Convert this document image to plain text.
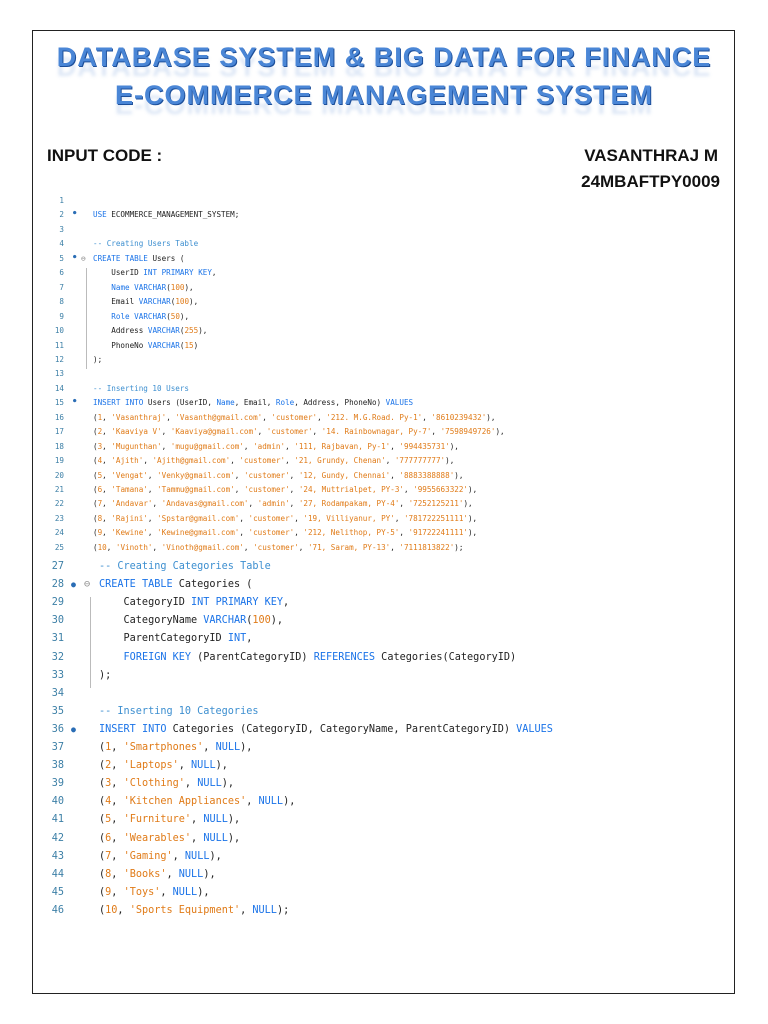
DATABASE SYSTEM & BIG DATA FOR FINANCE
E-COMMERCE MANAGEMENT SYSTEM
INPUT CODE :	VASANTHRAJ M
24MBAFTPY0009
1
2 ● USE ECOMMERCE_MANAGEMENT_SYSTEM;
3
4	-- Creating Users Table
5 ● ⊖ CREATE TABLE Users (
6	UserID INT PRIMARY KEY,
7	Name VARCHAR(100),
8	Email VARCHAR(100),
9	Role VARCHAR(50),
10	Address VARCHAR(255),
11	PhoneNo VARCHAR(15)
12	);
13
14	-- Inserting 10 Users
15 ● INSERT INTO Users (UserID, Name, Email, Role, Address, PhoneNo) VALUES
16	(1, 'Vasanthraj', 'Vasanth@gmail.com', 'customer', '212. M.G.Road. Py-1', '8610239432'),
17	(2, 'Kaaviya V', 'Kaaviya@gmail.com', 'customer', '14. Rainbownagar, Py-7', '7598949726'),
18	(3, 'Mugunthan', 'mugu@gmail.com', 'admin', '111, Rajbavan, Py-1', '994435731'),
19	(4, 'Ajith', 'Ajith@gmail.com', 'customer', '21, Grundy, Chenan', '777777777'),
20	(5, 'Vengat', 'Venky@gmail.com', 'customer', '12, Gundy, Chennai', '8883388888'),
21	(6, 'Tamana', 'Tammu@gmail.com', 'customer', '24, Muttrialpet, PY-3', '9955663322'),
22	(7, 'Andavar', 'Andavas@gmail.com', 'admin', '27, Rodampakam, PY-4', '7252125211'),
23	(8, 'Rajini', 'Spstar@gmail.com', 'customer', '19, Villiyanur, PY', '781722251111'),
24	(9, 'Kewine', 'Kewine@gmail.com', 'customer', '212, Nelithop, PY-5', '91722241111'),
25	(10, 'Vinoth', 'Vinoth@gmail.com', 'customer', '71, Saram, PY-13', '7111813822');
27	-- Creating Categories Table
28 ● ⊖ CREATE TABLE Categories (
29	CategoryID INT PRIMARY KEY,
30	CategoryName VARCHAR(100),
31	ParentCategoryID INT,
32	FOREIGN KEY (ParentCategoryID) REFERENCES Categories(CategoryID)
33	);
34
35	-- Inserting 10 Categories
36 ● INSERT INTO Categories (CategoryID, CategoryName, ParentCategoryID) VALUES
37	(1, 'Smartphones', NULL),
38	(2, 'Laptops', NULL),
39	(3, 'Clothing', NULL),
40	(4, 'Kitchen Appliances', NULL),
41	(5, 'Furniture', NULL),
42	(6, 'Wearables', NULL),
43	(7, 'Gaming', NULL),
44	(8, 'Books', NULL),
45	(9, 'Toys', NULL),
46	(10, 'Sports Equipment', NULL);
